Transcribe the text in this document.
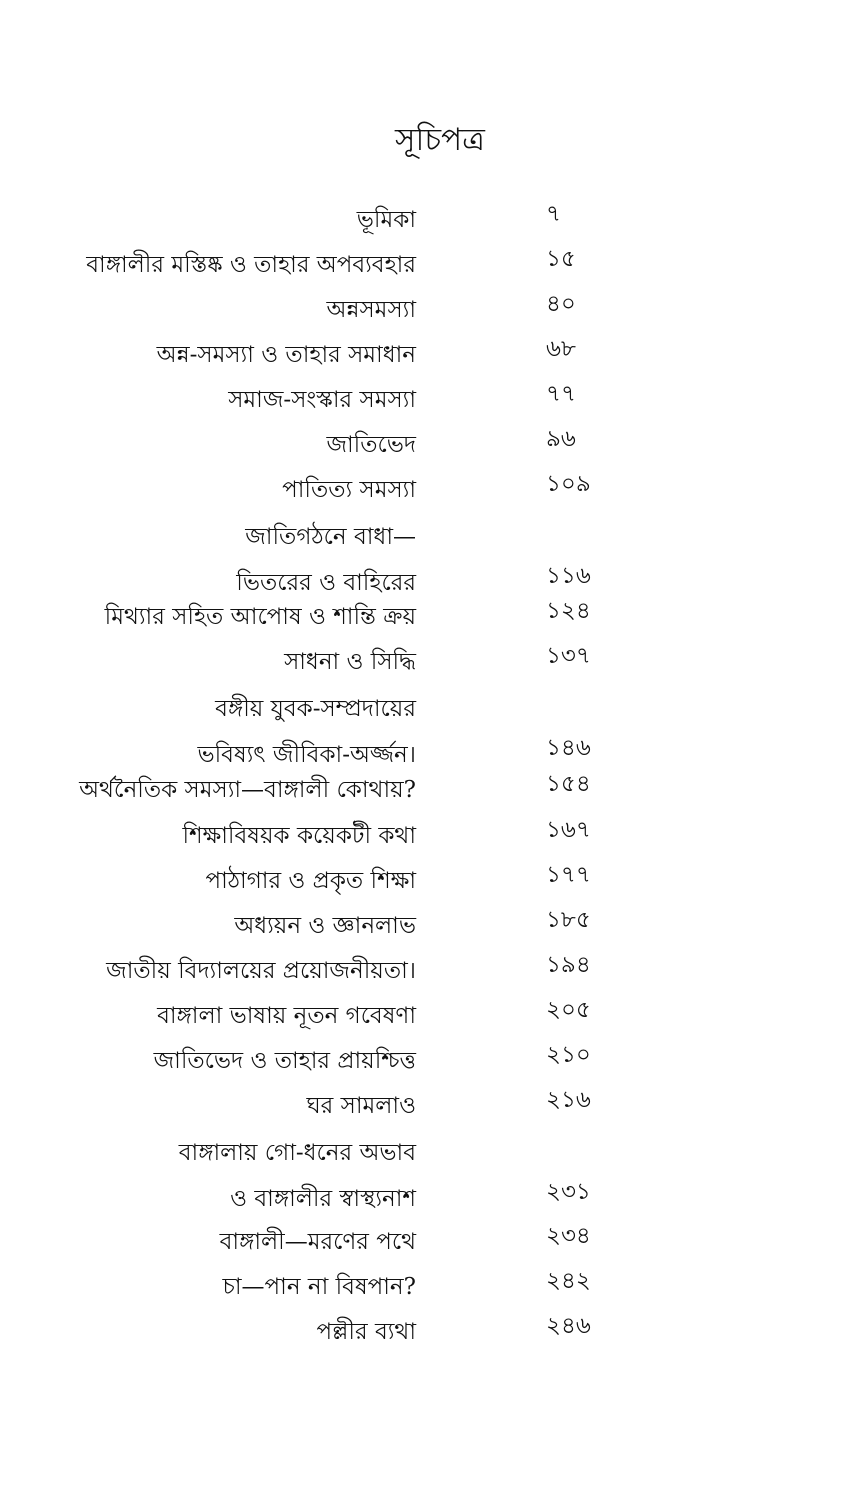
সূচিপত্র
ভূমিকা	৭
বাঙ্গালীর মস্তিষ্ক ও তাহার অপব্যবহার	১৫
অন্নসমস্যা	৪০
অন্ন-সমস্যা ও তাহার সমাধান	৬৮
সমাজ-সংস্কার সমস্যা	৭৭
জাতিভেদ	৯৬
পাতিত্য সমস্যা	১০৯
জাতিগঠনে বাধা—
ভিতরের ও বাহিরের	১১৬
মিথ্যার সহিত আপোষ ও শান্তি ক্রয়	১২৪
সাধনা ও সিদ্ধি	১৩৭
বঙ্গীয় যুবক-সম্প্রদায়ের
ভবিষ্যৎ জীবিকা-অর্জ্জন।	১৪৬
অর্থনৈতিক সমস্যা—বাঙ্গালী কোথায়?	১৫৪
শিক্ষাবিষয়ক কয়েকটী কথা	১৬৭
পাঠাগার ও প্রকৃত শিক্ষা	১৭৭
অধ্যয়ন ও জ্ঞানলাভ	১৮৫
জাতীয় বিদ্যালয়ের প্রয়োজনীয়তা।	১৯৪
বাঙ্গালা ভাষায় নূতন গবেষণা	২০৫
জাতিভেদ ও তাহার প্রায়শ্চিত্ত	২১০
ঘর সামলাও	২১৬
বাঙ্গালায় গো-ধনের অভাব
ও বাঙ্গালীর স্বাস্থ্যনাশ	২৩১
বাঙ্গালী—মরণের পথে	২৩৪
চা—পান না বিষপান?	২৪২
পল্লীর ব্যথা	২৪৬
